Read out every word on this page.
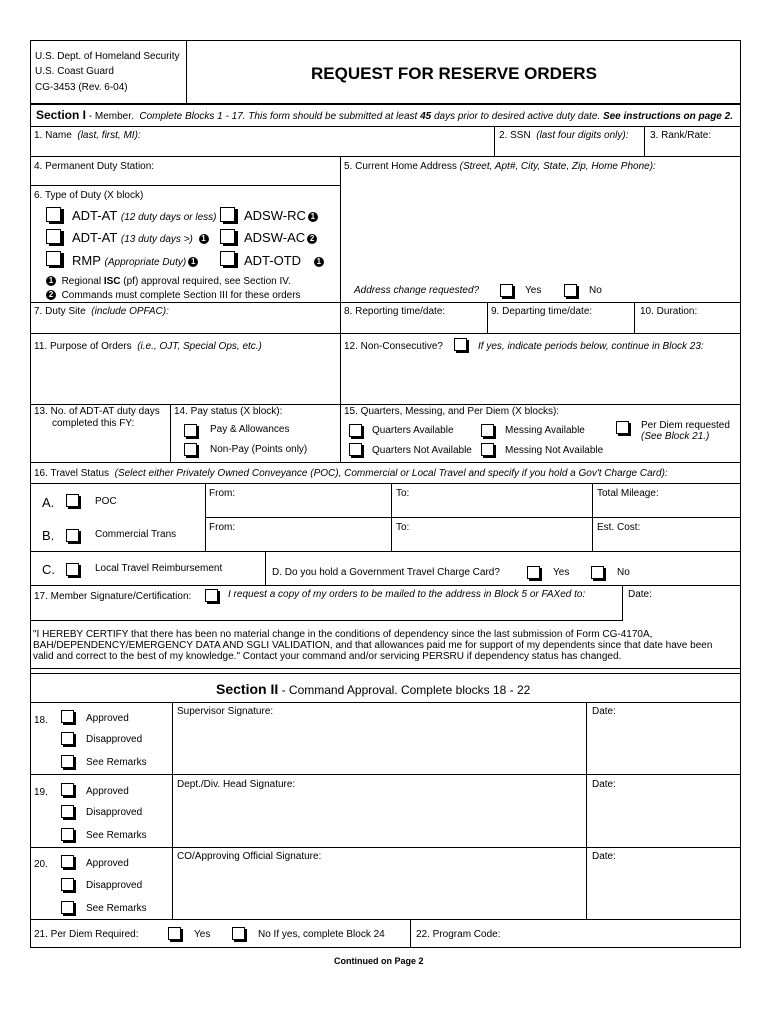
U.S. Dept. of Homeland Security
U.S. Coast Guard
CG-3453 (Rev. 6-04)
REQUEST FOR RESERVE ORDERS
Section I - Member. Complete Blocks 1 - 17. This form should be submitted at least 45 days prior to desired active duty date. See instructions on page 2.
1. Name (last, first, MI):	2. SSN (last four digits only): 3. Rank/Rate:
4. Permanent Duty Station:	5. Current Home Address (Street, Apt#, City, State, Zip, Home Phone):
6. Type of Duty (X block)
ADT-AT (12 duty days or less) ADSW-RC 1
ADT-AT (13 duty days >) 1	ADSW-AC 2
RMP (Appropriate Duty) 1	ADT-OTD 1
1 Regional ISC (pf) approval required, see Section IV.
2 Commands must complete Section III for these orders	Address change requested?	Yes	No
7. Duty Site (include OPFAC):	8. Reporting time/date:	9. Departing time/date:	10. Duration:
11. Purpose of Orders (i.e., OJT, Special Ops, etc.)	12. Non-Consecutive?	If yes, indicate periods below, continue in Block 23:
13. No. of ADT-AT duty days
completed this FY:
14. Pay status (X block):
Pay & Allowances
Non-Pay (Points only)
15. Quarters, Messing, and Per Diem (X blocks):
Quarters Available	Messing Available	Per Diem requested
(See Block 21.)
Quarters Not Available	Messing Not Available
16. Travel Status (Select either Privately Owned Conveyance (POC), Commercial or Local Travel and specify if you hold a Gov't Charge Card):
A.	POC
From:	To:	Total Mileage:
B.	Commercial Trans
From:	To:	Est. Cost:
C.	Local Travel Reimbursement	D. Do you hold a Government Travel Charge Card?	Yes	No
17. Member Signature/Certification:	I request a copy of my orders to be mailed to the address in Block 5 or FAXed to:	Date:
"I HEREBY CERTIFY that there has been no material change in the conditions of dependency since the last submission of Form CG-4170A,
BAH/DEPENDENCY/EMERGENCY DATA AND SGLI VALIDATION, and that allowances paid me for support of my dependents since that date have been
valid and correct to the best of my knowledge." Contact your command and/or servicing PERSRU if dependency status has changed.
Section II - Command Approval. Complete blocks 18 - 22
18.	Approved
Disapproved
See Remarks
Supervisor Signature:	Date:
19.	Approved
Disapproved
See Remarks
Dept./Div. Head Signature:	Date:
20.	Approved
Disapproved
See Remarks
CO/Approving Official Signature:	Date:
21. Per Diem Required:	Yes	No If yes, complete Block 24	22. Program Code:
Continued on Page 2
